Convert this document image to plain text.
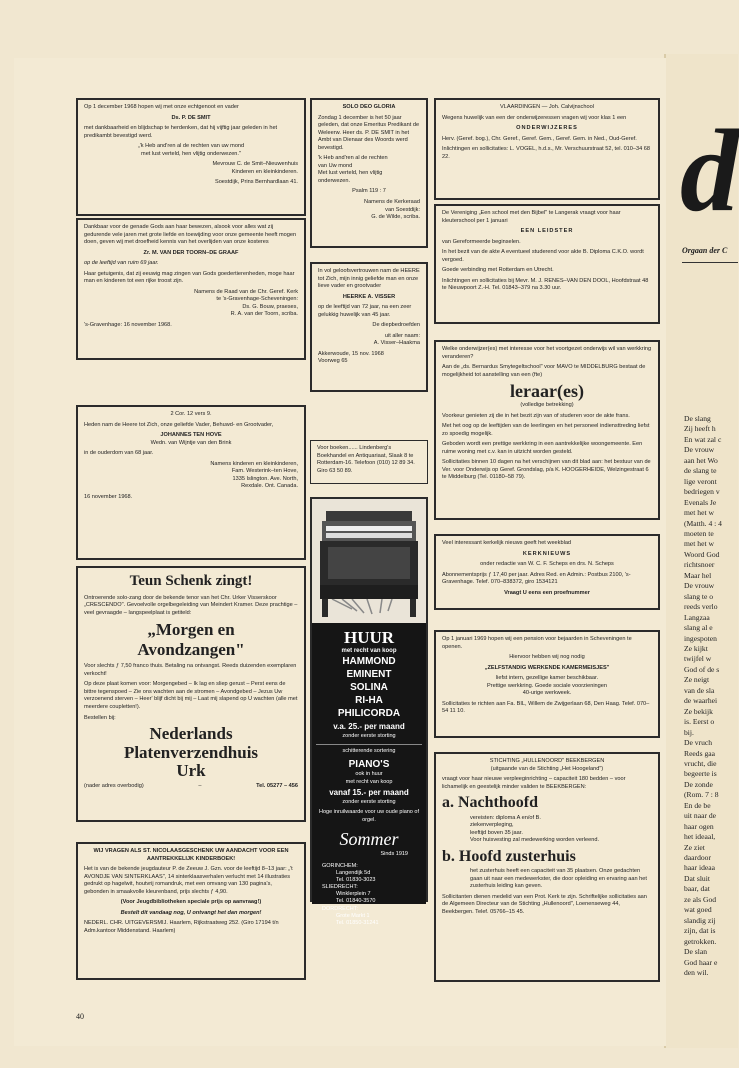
Op 1 december 1968 hopen wij met onze echtgenoot en vader

Ds. P. DE SMIT

met dankbaarheid en blijdschap te herdenken, dat hij vijftig jaar geleden in het predikambt bevestigd werd.

„'k Heb and'ren al de rechten van uw mond

met lust verteld, hen vlijtig onderwezen."

Mevrouw C. de Smit–Nieuwenhuis

Kinderen en kleinkinderen.

Soestdijk, Prins Bernhardlaan 41.

SOLO DEO GLORIA

Zondag 1 december is het 50 jaar geleden, dat onze Emeritus Predikant de Weleerw. Heer ds. P. DE SMIT in het Ambt van Dienaar des Woords werd bevestigd.

'k Heb and'ren al de rechten

van Uw mond

Met lust verteld, hen vlijtig

onderwezen.

Psalm 119 : 7

Namens de Kerkeraad

van Soestdijk:

G. de Wilde, scriba.

VLAARDINGEN — Joh. Calvijnschool

Wegens huwelijk van een der onderwijzeressen vragen wij voor klas 1 een

ONDERWIJZERES

Herv. (Geref. bog.), Chr. Geref., Geref. Gem., Geref. Gem. in Ned., Oud-Geref.

Inlichtingen en sollicitaties: L. VOGEL, h.d.s., Mr. Verschuurstraat 52, tel. 010–34 68 22.

Dankbaar voor de genade Gods aan haar bewezen, alsook voor alles wat zij gedurende vele jaren met grote liefde en toewijding voor onze gemeente heeft mogen doen, geven wij met droefheid kennis van het overlijden van onze kosteres

Zr. M. VAN DER TOORN–DE GRAAF

op de leeftijd van ruim 69 jaar.

Haar getuigenis, dat zij eeuwig mag zingen van Gods goedertierenheden, moge haar man en kinderen tot een rijke troost zijn.

Namens de Raad van de Chr. Geref. Kerk

te 's-Gravenhage-Scheveningen:

Ds. G. Bouw, praeses,

R. A. van der Toorn, scriba.

's-Gravenhage: 16 november 1968.

In vol geloofsvertrouwen nam de HEERE tot Zich, mijn innig geliefde man en onze lieve vader en grootvader

HEERKE A. VISSER

op de leeftijd van 72 jaar, na een zeer gelukkig huwelijk van 45 jaar.

De diepbedroefden

uit aller naam:

A. Visser–Haakma

Akkerwoude, 15 nov. 1968

Voorweg 65

De Vereniging „Een school met den Bijbel" te Langerak vraagt voor haar kleuterschool per 1 januari

EEN LEIDSTER

van Gereformeerde beginselen.

In het bezit van de akte A eventueel studerend voor akte B. Diploma C.K.O. wordt vergoed.

Goede verbinding met Rotterdam en Utrecht.

Inlichtingen en sollicitaties bij Mevr. M. J. RENES–VAN DEN DOOL, Hoofdstraat 48 te Nieuwpoort Z.-H. Tel. 01843–379 na 3.30 uur.

2 Cor. 12 vers 9.

Heden nam de Heere tot Zich, onze geliefde Vader, Behuwd- en Grootvader,

JOHANNES TEN HOVE

Wedn. van Wijntje van den Brink

in de ouderdom van 68 jaar.

Namens kinderen en kleinkinderen,

Fam. Westerink–ten Hove,

1335 Islington. Ave. North,

Rexdale. Ont. Canada.

16 november 1968.

Voor boeken...... Lindenberg's Boekhandel en Antiquariaat, Slaak 8 te Rotterdam-16. Telefoon (010) 12 89 34. Giro 63 50 89.

Welke onderwijzer(es) met interesse voor het voortgezet onderwijs wil van werkkring veranderen?

Aan de „ds. Bernardus Smytegeltschool" voor MAVO te MIDDELBURG bestaat de mogelijkheid tot aanstelling van een (fte)

leraar(es)

(volledige betrekking)

Voorkeur genieten zij die in het bezit zijn van of studeren voor de akte frans.

Met het oog op de leeftijden van de leerlingen en het personeel indiensttreding liefst zo spoedig mogelijk.

Geboden wordt een prettige werkkring in een aantrekkelijke woongemeente. Een ruime woning met c.v. kan in uitzicht worden gesteld.

Sollicitaties binnen 10 dagen na het verschijnen van dit blad aan: het bestuur van de Ver. voor Onderwijs op Geref. Grondslag, p/a K. HOOGERHEIDE, Welzingestraat 6 te Middelburg (Tel. 01180–58 79).

Teun Schenk zingt!

Ontroerende solo-zang door de bekende tenor van het Chr. Urker Visserskoor „CRESCENDO". Gevoelvolle orgelbegeleiding van Meindert Kramer. Deze prachtige – veel gevraagde – langspeelplaat is getiteld:

„Morgen en

Avondzangen"

Voor slechts ƒ 7,50 franco thuis. Betaling na ontvangst. Reeds duizenden exemplaren verkocht!

Op deze plaat komen voor: Morgengebed – Ik lag en sliep gerust – Perst eens de bittre tegenspoed – Zie ons wachten aan de stromen – Avondgebed – Jezus Uw verzoenend sterven – Heer' blijf dicht bij mij – Laat mij slapend op U wachten (alle met meerdere coupletten!).

Bestellen bij:

Nederlands

Platenverzendhuis

Urk

(nader adres overbodig)	–	Tel. 05277 – 456
HUUR
met recht van koop
HAMMOND
EMINENT
SOLINA
RI-HA
PHILICORDA
v.a. 25.- per maand
zonder eerste storting
schitterende sortering
PIANO'S
ook in huur
met recht van koop
vanaf 15.- per maand
zonder eerste storting
Hoge inruilwaarde voor uw oude piano of orgel.
Sommer
Sinds 1919
GORINCHEM:
Langendijk 5d
Tel. 01830-3023
SLIEDRECHT:
Winklerplein 7
Tel. 01840-3570
DORDRECHT:
Grote Markt 1
Tel. 01850-31241

Veel interessant kerkelijk nieuws geeft het weekblad

KERKNIEUWS

onder redactie van W. C. F. Scheps en drs. N. Scheps

Abonnementsprijs ƒ 17,40 per jaar. Adres Red. en Admin.: Postbus 2100, 's-Gravenhage. Telef. 070–838372, giro 1534121

Vraagt U eens een proefnummer

Op 1 januari 1969 hopen wij een pension voor bejaarden in Scheveningen te openen.

Hiervoor hebben wij nog nodig

„ZELFSTANDIG WERKENDE KAMERMEISJES"

liefst intern, gezellige kamer beschikbaar.

Prettige werkkring. Goede sociale voorzieningen

40-urige werkweek.

Sollicitaties te richten aan Fa. BIL, Willem de Zwijgerlaan 68, Den Haag. Telef. 070–54 11 10.

WIJ VRAGEN ALS ST. NICOLAASGESCHENK UW AANDACHT VOOR EEN AANTREKKELIJK KINDERBOEK!

Het is van de bekende jeugdauteur P. de Zeeuw J. Gzn. voor de leeftijd 8–13 jaar: „'t AVONDJE VAN SINTERKLAAS", 14 sinterklaasverhalen verlucht met 14 illustraties gedrukt op hagelwit, houtvrij romandruk, met een omvang van 130 pagina's, gebonden in smaakvolle kleurenband, prijs slechts ƒ 4,90.

(Voor Jeugdbibliotheken speciale prijs op aanvraag!)

Bestelt dit vandaag nog, U ontvangt het dan morgen!

NEDERL. CHR. UITGEVERSMIJ. Haarlem, Rijkstraatweg 252. (Giro 17194 t/n Adm.kantoor Middenstand. Haarlem)

STICHTING „HULLENOORD" BEEKBERGEN

(uitgaande van de Stichting „Het Hoogeland")

vraagt voor haar nieuwe verpleeginrichting – capaciteit 180 bedden – voor lichamelijk en geestelijk minder validen te BEEKBERGEN:

a. Nachthoofd

vereisten: diploma A en/of B.

ziekenverpleging,

leeftijd boven 35 jaar.

Voor huisvesting zal medewerking worden verleend.

b. Hoofd zusterhuis

het zusterhuis heeft een capaciteit van 35 plaatsen. Onze gedachten gaan uit naar een medewerkster, die door opleiding en ervaring aan het zusterhuis leiding kan geven.

Sollicitanten dienen medelid van een Prot. Kerk te zijn. Schriftelijke sollicitaties aan de Algemeen Directeur van de Stichting „Hullenoord", Loenenseweg 44, Beekbergen. Telef. 05766–15 45.

40
d
Orgaan der C
De slang
Zij heeft h
En wat zal c
De vrouw
aan het Wo
de slang te
lige veront
bedriegen v
Evenals Je
met het w
(Matth. 4 : 4
moeten te
met het w
Woord God
richtsnoer
Maar hel
De vrouw
slang te o
reeds verlo
Langzaa
slang al e
ingespoten
Ze kijkt
twijfel w
God of de s
Ze neigt
van de sla
de waarhei
Ze bekijk
is. Eerst o
bij.
De vruch
Reeds gaa
vrucht, die
begeerte is
De zonde
(Rom. 7 : 8
En de be
uit naar de
haar ogen
het ideaal,
Ze ziet
daardoor
haar ideaa
Dat sluit
baar, dat
ze als God
wat goed
slandig zij
zijn, dat is
getrokken.
De slan
God haar e
den wil.
